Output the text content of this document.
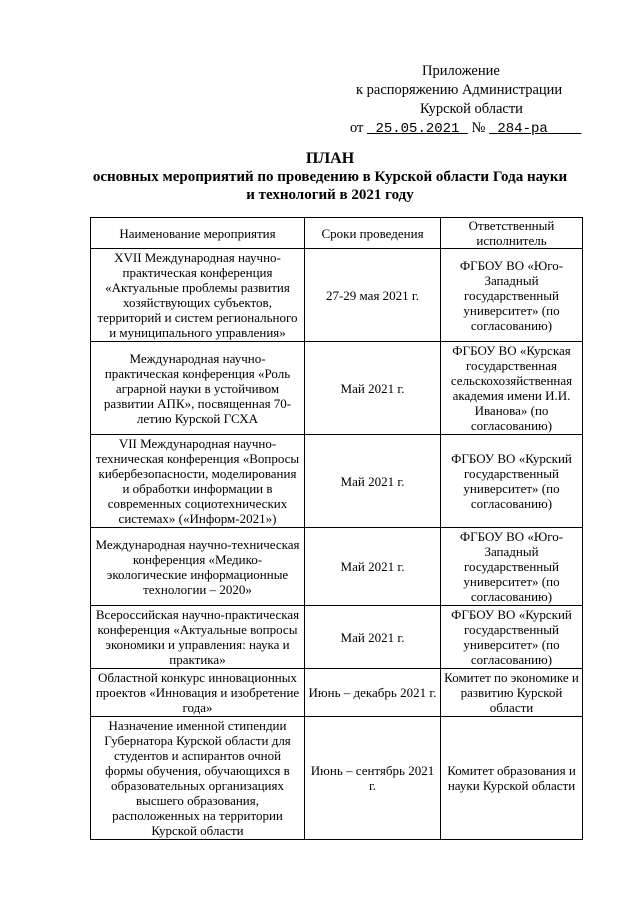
Приложение
к распоряжению Администрации
Курской области
от 25.05.2021 № 284-ра
ПЛАН
основных мероприятий по проведению в Курской области Года науки
и технологий в 2021 году
Наименование мероприятия	Сроки проведения	Ответственный исполнитель
XVII Международная научно-практическая конференция «Актуальные проблемы развития хозяйствующих субъектов, территорий и систем регионального и муниципального управления»	27-29 мая 2021 г.	ФГБОУ ВО «Юго-Западный государственный университет» (по согласованию)
Международная научно-практическая конференция «Роль аграрной науки в устойчивом развитии АПК», посвященная 70-летию Курской ГСХА	Май 2021 г.	ФГБОУ ВО «Курская государственная сельскохозяйственная академия имени И.И. Иванова» (по согласованию)
VII Международная научно-техническая конференция «Вопросы кибербезопасности, моделирования и обработки информации в современных социотехнических системах» («Информ-2021»)	Май 2021 г.	ФГБОУ ВО «Курский государственный университет» (по согласованию)
Международная научно-техническая конференция «Медико-экологические информационные технологии – 2020»	Май 2021 г.	ФГБОУ ВО «Юго-Западный государственный университет» (по согласованию)
Всероссийская научно-практическая конференция «Актуальные вопросы экономики и управления: наука и практика»	Май 2021 г.	ФГБОУ ВО «Курский государственный университет» (по согласованию)
Областной конкурс инновационных проектов «Инновация и изобретение года»	Июнь – декабрь 2021 г.	Комитет по экономике и развитию Курской области
Назначение именной стипендии Губернатора Курской области для студентов и аспирантов очной формы обучения, обучающихся в образовательных организациях высшего образования, расположенных на территории Курской области	Июнь – сентябрь 2021 г.	Комитет образования и науки Курской области
